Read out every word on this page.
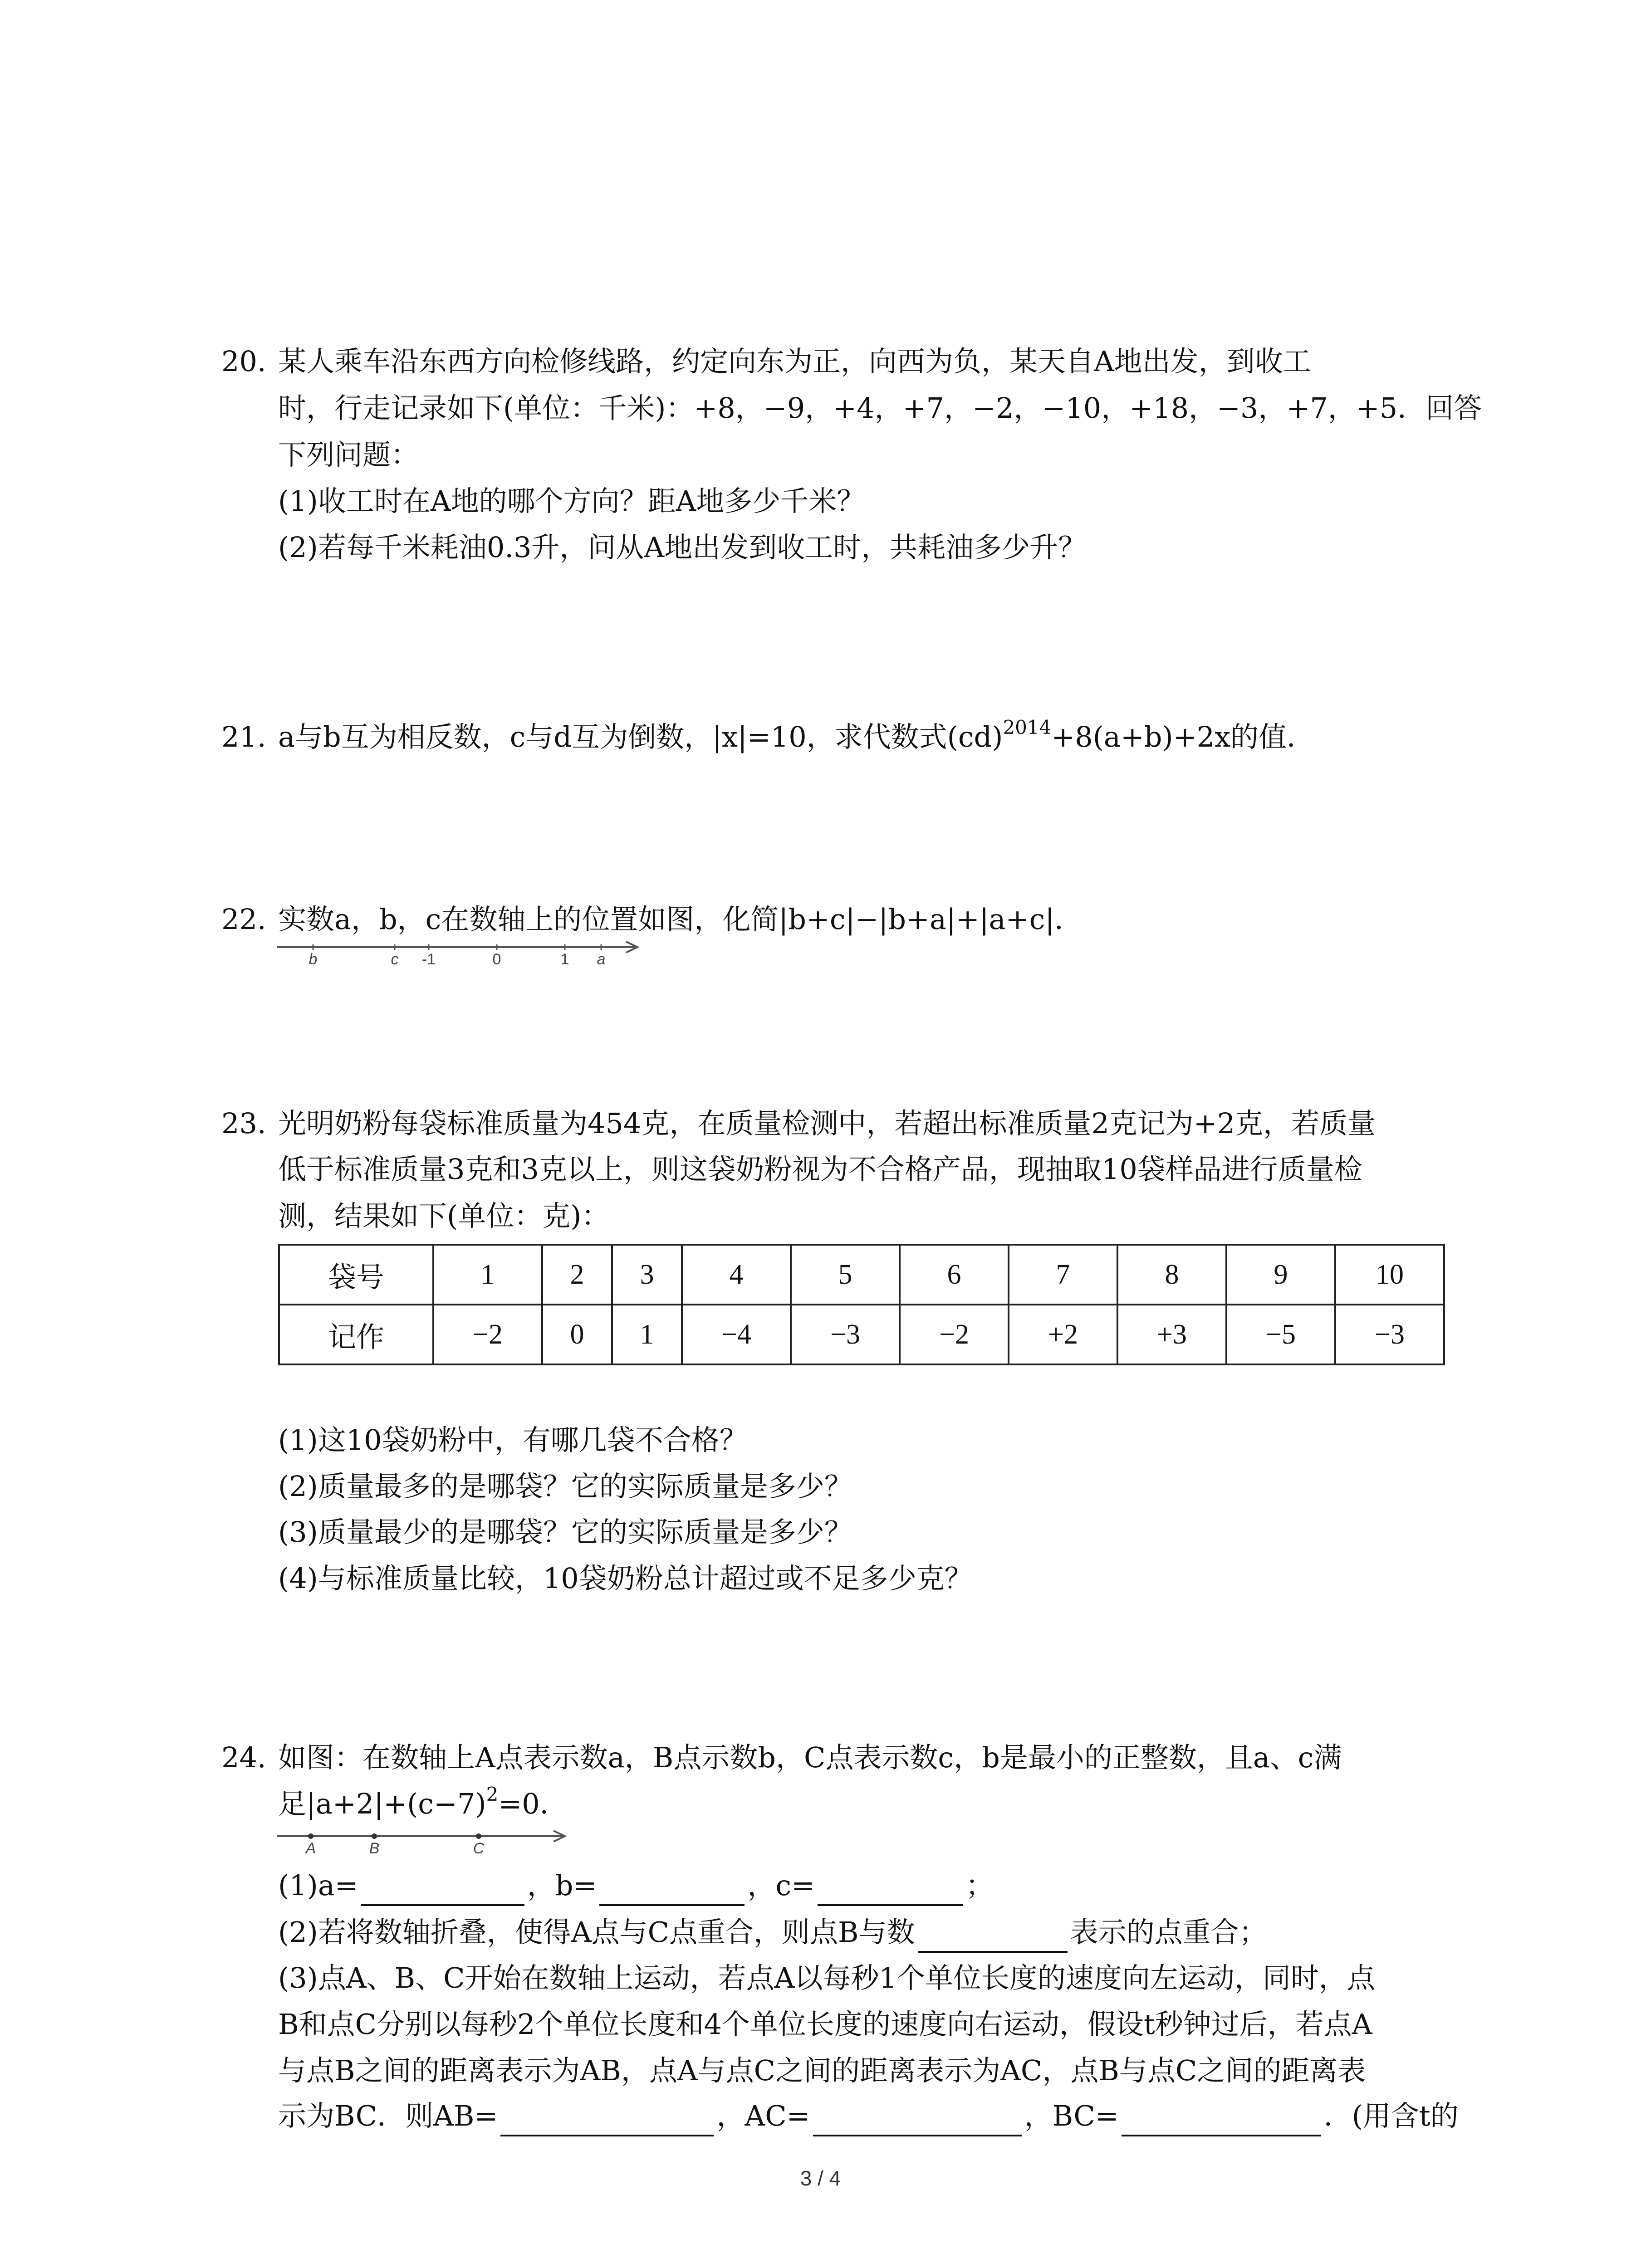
20. 某人乘车沿东西方向检修线路，约定向东为正，向西为负，某天自A地出发，到收工
时，行走记录如下(单位：千米)：+8，−9，+4，+7，−2，−10，+18，−3，+7，+5．回答
下列问题：
(1)收工时在A地的哪个方向？距A地多少千米？
(2)若每千米耗油0.3升，问从A地出发到收工时，共耗油多少升？
21. a与b互为相反数，c与d互为倒数，|x|=10，求代数式(cd)$^{2014}$+8(a+b)+2x的值．
22. 实数a，b，c在数轴上的位置如图，化简|b+c|−|b+a|+|a+c|．
b	c -1	0	1 a
23. 光明奶粉每袋标准质量为454克，在质量检测中，若超出标准质量2克记为+2克，若质量
低于标准质量3克和3克以上，则这袋奶粉视为不合格产品，现抽取10袋样品进行质量检
测，结果如下(单位：克)：
袋号	1	2	3	4	5	6	7	8	9	10
记作	−2	0	1	−4	−3	−2	+2	+3	−5	−3
(1)这10袋奶粉中，有哪几袋不合格？
(2)质量最多的是哪袋？它的实际质量是多少？
(3)质量最少的是哪袋？它的实际质量是多少？
(4)与标准质量比较，10袋奶粉总计超过或不足多少克？
24. 如图：在数轴上A点表示数a，B点示数b，C点表示数c，b是最小的正整数，且a、c满
足$|a+2|+(c-7)^2=0$．
A	B	C
(1)a=	，b=	，c=	；
(2)若将数轴折叠，使得A点与C点重合，则点B与数	表示的点重合；
(3)点A、B、C开始在数轴上运动，若点A以每秒1个单位长度的速度向左运动，同时，点
B和点C分别以每秒2个单位长度和4个单位长度的速度向右运动，假设t秒钟过后，若点A
与点B之间的距离表示为AB，点A与点C之间的距离表示为AC，点B与点C之间的距离表
示为BC．则AB=	，AC=	，BC=	．(用含t的
3 / 4
